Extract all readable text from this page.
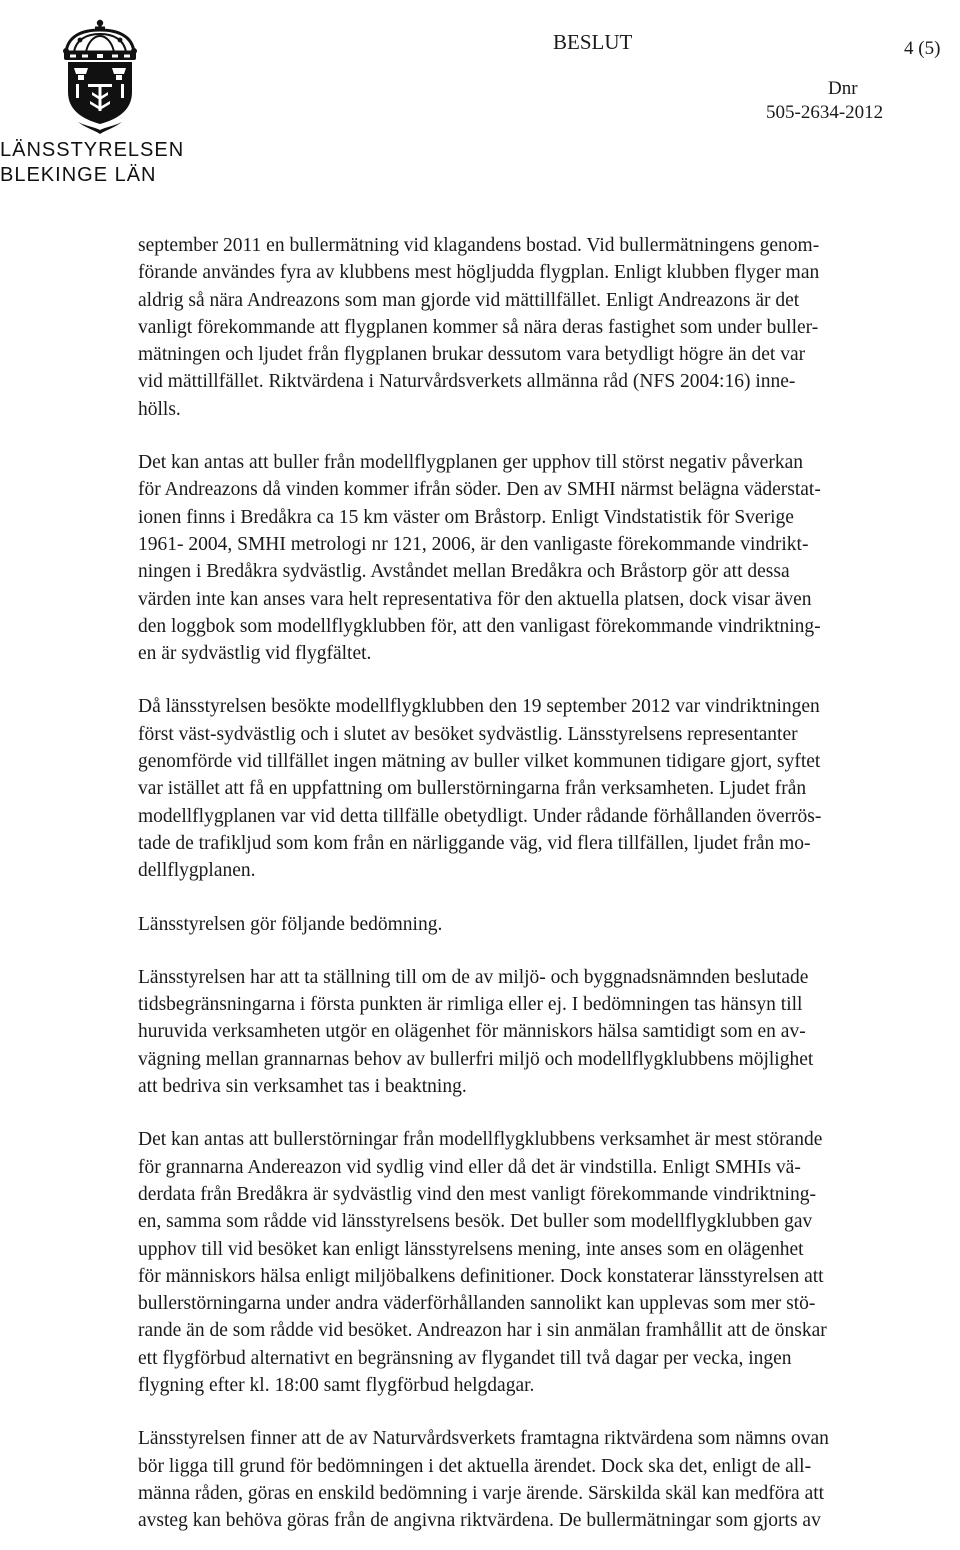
LÄNSSTYRELSEN
BLEKINGE LÄN
BESLUT	4 (5)
Dnr
505-2634-2012

september 2011 en bullermätning vid klagandens bostad. Vid bullermätningens genom-
förande användes fyra av klubbens mest högljudda flygplan. Enligt klubben flyger man
aldrig så nära Andreazons som man gjorde vid mättillfället. Enligt Andreazons är det
vanligt förekommande att flygplanen kommer så nära deras fastighet som under buller-
mätningen och ljudet från flygplanen brukar dessutom vara betydligt högre än det var
vid mättillfället. Riktvärdena i Naturvårdsverkets allmänna råd (NFS 2004:16) inne-
hölls.

Det kan antas att buller från modellflygplanen ger upphov till störst negativ påverkan
för Andreazons då vinden kommer ifrån söder. Den av SMHI närmst belägna väderstat-
ionen finns i Bredåkra ca 15 km väster om Bråstorp. Enligt Vindstatistik för Sverige
1961- 2004, SMHI metrologi nr 121, 2006, är den vanligaste förekommande vindrikt-
ningen i Bredåkra sydvästlig. Avståndet mellan Bredåkra och Bråstorp gör att dessa
värden inte kan anses vara helt representativa för den aktuella platsen, dock visar även
den loggbok som modellflygklubben för, att den vanligast förekommande vindriktning-
en är sydvästlig vid flygfältet.

Då länsstyrelsen besökte modellflygklubben den 19 september 2012 var vindriktningen
först väst-sydvästlig och i slutet av besöket sydvästlig. Länsstyrelsens representanter
genomförde vid tillfället ingen mätning av buller vilket kommunen tidigare gjort, syftet
var istället att få en uppfattning om bullerstörningarna från verksamheten. Ljudet från
modellflygplanen var vid detta tillfälle obetydligt. Under rådande förhållanden överrös-
tade de trafikljud som kom från en närliggande väg, vid flera tillfällen, ljudet från mo-
dellflygplanen.

Länsstyrelsen gör följande bedömning.

Länsstyrelsen har att ta ställning till om de av miljö- och byggnadsnämnden beslutade
tidsbegränsningarna i första punkten är rimliga eller ej. I bedömningen tas hänsyn till
huruvida verksamheten utgör en olägenhet för människors hälsa samtidigt som en av-
vägning mellan grannarnas behov av bullerfri miljö och modellflygklubbens möjlighet
att bedriva sin verksamhet tas i beaktning.

Det kan antas att bullerstörningar från modellflygklubbens verksamhet är mest störande
för grannarna Andereazon vid sydlig vind eller då det är vindstilla. Enligt SMHIs vä-
derdata från Bredåkra är sydvästlig vind den mest vanligt förekommande vindriktning-
en, samma som rådde vid länsstyrelsens besök. Det buller som modellflygklubben gav
upphov till vid besöket kan enligt länsstyrelsens mening, inte anses som en olägenhet
för människors hälsa enligt miljöbalkens definitioner. Dock konstaterar länsstyrelsen att
bullerstörningarna under andra väderförhållanden sannolikt kan upplevas som mer stö-
rande än de som rådde vid besöket. Andreazon har i sin anmälan framhållit att de önskar
ett flygförbud alternativt en begränsning av flygandet till två dagar per vecka, ingen
flygning efter kl. 18:00 samt flygförbud helgdagar.

Länsstyrelsen finner att de av Naturvårdsverkets framtagna riktvärdena som nämns ovan
bör ligga till grund för bedömningen i det aktuella ärendet. Dock ska det, enligt de all-
männa råden, göras en enskild bedömning i varje ärende. Särskilda skäl kan medföra att
avsteg kan behöva göras från de angivna riktvärdena. De bullermätningar som gjorts av
